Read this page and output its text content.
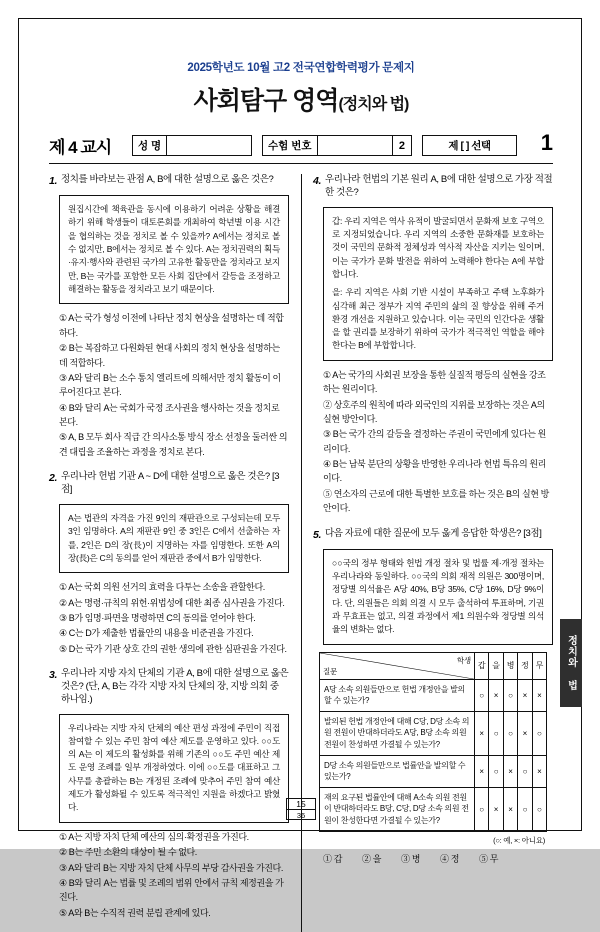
2025학년도 10월 고2 전국연합학력평가 문제지
사회탐구 영역(정치와 법)
제 4 교시	성 명	수험 번호	2	제 [ ] 선택	1
1. 정치를 바라보는 관점 A, B에 대한 설명으로 옳은 것은?

원집시간에 책육관을 동시에 이용하기 어려운 상황을 해결하기 위해 학생들이 대토론회를 개최하여 학년별 이용 시간을 협의하는 것을 정치로 볼 수 있을까? A에서는 정치로 볼 수 없지만, B에서는 정치로 볼 수 있다. A는 정치권력의 획득·유지·행사와 관련된 국가의 고유한 활동만을 정치라고 보지만, B는 국가를 포함한 모든 사회 집단에서 갈등을 조정하고 해결하는 활동을 정치라고 보기 때문이다.

① A는 국가 형성 이전에 나타난 정치 현상을 설명하는 데 적합하다.
② B는 복잡하고 다원화된 현대 사회의 정치 현상을 설명하는 데 적합하다.
③ A와 달리 B는 소수 통치 엘리트에 의해서만 정치 활동이 이루어진다고 본다.
④ B와 달리 A는 국회가 국정 조사권을 행사하는 것을 정치로 본다.
⑤ A, B 모두 회사 직급 간 의사소통 방식 장소 선정을 둘러싼 의견 대립을 조율하는 과정을 정치로 본다.
2. 우리나라 헌법 기관 A ~ D에 대한 설명으로 옳은 것은? [3점]

A는 법관의 자격을 가진 9인의 재판관으로 구성되는데 모두 3인 임명하다. A의 재판관 9인 중 3인은 C에서 선출하는 자를, 2인은 D의 장(長)이 지명하는 자를 임명한다. 또한 A의 장(長)은 C의 동의를 얻어 재판관 중에서 B가 임명한다.

① A는 국회 의원 선거의 효력을 다투는 소송을 관할한다.
② A는 명령·규칙의 위헌·위법성에 대한 최종 심사권을 가진다.
③ B가 임명·파면을 명령하면 C의 동의를 얻어야 한다.
④ C는 D가 제출한 법률안의 내용을 비준권을 가진다.
⑤ D는 국가 기관 상호 간의 권한 생의에 관한 심판권을 가진다.
3. 우리나라 지방 자치 단체의 기관 A, B에 대한 설명으로 옳은 것은? (단, A, B는 각각 지방 자치 단체의 장, 지방 의회 중 하나임.)

우리나라는 지방 자치 단체의 예산 편성 과정에 주민이 직접 참여할 수 있는 주민 참여 예산 제도를 운영하고 있다. ○○도의 A는 이 제도의 활성화를 위해 기존의 ○○도 주민 예산 제도 운영 조례를 일부 개정하였다. 이에 ○○도를 대표하고 그 사무를 총괄하는 B는 개정된 조례에 맞추어 주민 참여 예산 제도가 활성화될 수 있도록 적극적인 지원을 하겠다고 밝혔다.

① A는 지방 자치 단체 예산의 심의·확정권을 가진다.
② B는 주민 소환의 대상이 될 수 없다.
③ A와 달리 B는 지방 자치 단체 사무의 부당 감사권을 가진다.
④ B와 달리 A는 법률 및 조례의 범위 안에서 규칙 제정권을 가진다.
⑤ A와 B는 수직적 권력 분립 관계에 있다.
4. 우리나라 헌법의 기본 원리 A, B에 대한 설명으로 가장 적절한 것은?

갑: 우리 지역은 역사 유적이 발굴되면서 문화재 보호 구역으로 지정되었습니다. 우리 지역의 소중한 문화재를 보호하는 것이 국민의 문화적 정체성과 역사적 자산을 지키는 일이며, 이는 국가가 문화 발전을 위하여 노력해야 한다는 A에 부합합니다.

을: 우리 지역은 사회 기반 시설이 부족하고 주택 노후화가 심각해 최근 정부가 지역 주민의 삶의 질 향상을 위해 주거 환경 개선을 지원하고 있습니다. 이는 국민의 인간다운 생활을 할 권리를 보장하기 위하여 국가가 적극적인 역할을 해야 한다는 B에 부합합니다.

① A는 국가의 사회권 보장을 통한 실질적 평등의 실현을 강조하는 원리이다.
② 상호주의 원칙에 따라 외국인의 지위를 보장하는 것은 A의 실현 방안이다.
③ B는 국가 간의 갈등을 결정하는 주권이 국민에게 있다는 원리이다.
④ B는 남북 분단의 상황을 반영한 우리나라 헌법 특유의 원리이다.
⑤ 연소자의 근로에 대한 특별한 보호를 하는 것은 B의 실현 방안이다.
5. 다음 자료에 대한 질문에 모두 옳게 응답한 학생은? [3점]

○○국의 정부 형태와 헌법 개정 절차 및 법률 제·개정 절차는 우리나라와 동일하다. ○○국의 의회 재적 의원은 300명이며, 정당별 의석율은 A당 40%, B당 35%, C당 16%, D당 9%이다. 단, 의원들은 의회 의결 시 모두 출석하여 투표하며, 기권과 무효표는 없고, 의결 과정에서 제1 의원수와 정당별 의석율의 변화는 없다.

학생
질문	갑	을	병	정	무
A당 소속 의원들만으로 헌법 개정안을 발의할 수 있는가?	○	×	○	×	×
발의된 헌법 개정안에 대해 C당, D당 소속 의원 전원이 반대하더라도 A당, B당 소속 의원 전원이 찬성하면 가결될 수 있는가?	×	○	○	×	○
D당 소속 의원들만으로 법률안을 발의할 수 있는가?	×	○	×	○	×
재의 요구된 법률안에 대해 A소속 의원 전원이 반대하더라도 B당, C당, D당 소속 의원 전원이 찬성한다면 가결될 수 있는가?	○	×	×	○	○
(○: 예, ×: 아니요)
① 갑 ② 을 ③ 병 ④ 정 ⑤ 무
15
36
정치와 법
